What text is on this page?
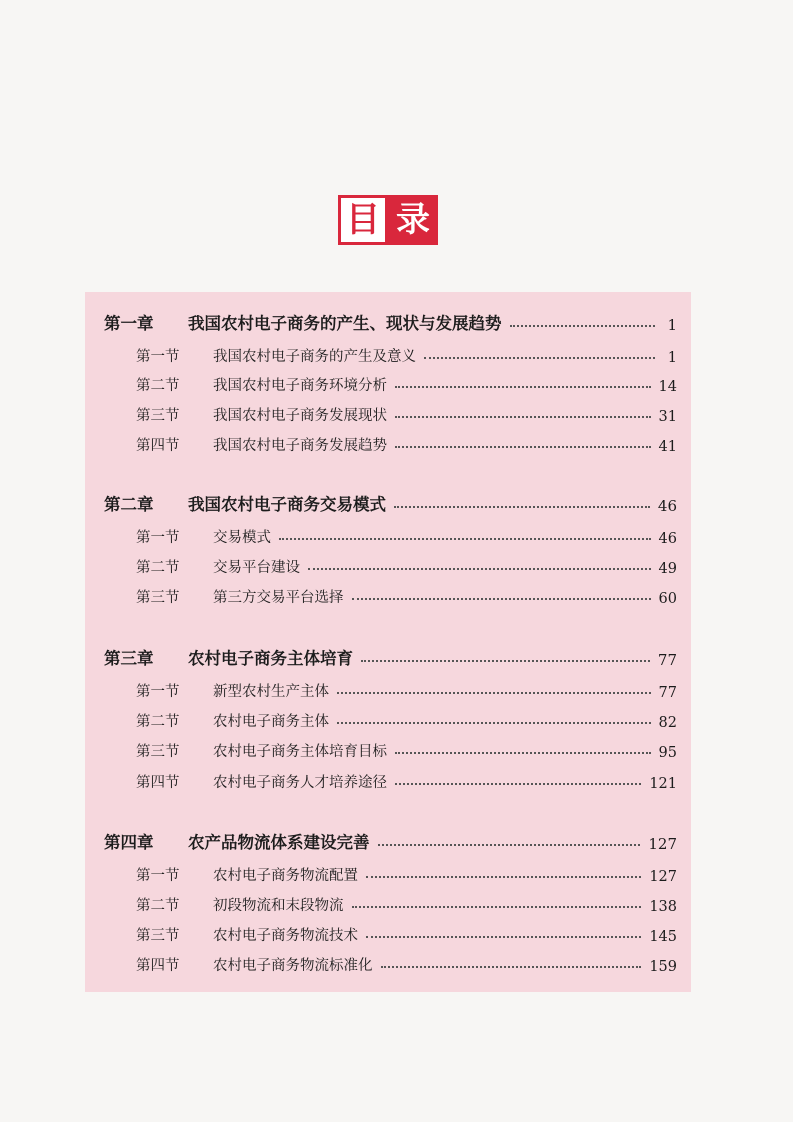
目 录
第一章	我国农村电子商务的产生、现状与发展趋势	1
第一节	我国农村电子商务的产生及意义	1
第二节	我国农村电子商务环境分析	14
第三节	我国农村电子商务发展现状	31
第四节	我国农村电子商务发展趋势	41
第二章	我国农村电子商务交易模式	46
第一节	交易模式	46
第二节	交易平台建设	49
第三节	第三方交易平台选择	60
第三章	农村电子商务主体培育	77
第一节	新型农村生产主体	77
第二节	农村电子商务主体	82
第三节	农村电子商务主体培育目标	95
第四节	农村电子商务人才培养途径	121
第四章	农产品物流体系建设完善	127
第一节	农村电子商务物流配置	127
第二节	初段物流和末段物流	138
第三节	农村电子商务物流技术	145
第四节	农村电子商务物流标准化	159
